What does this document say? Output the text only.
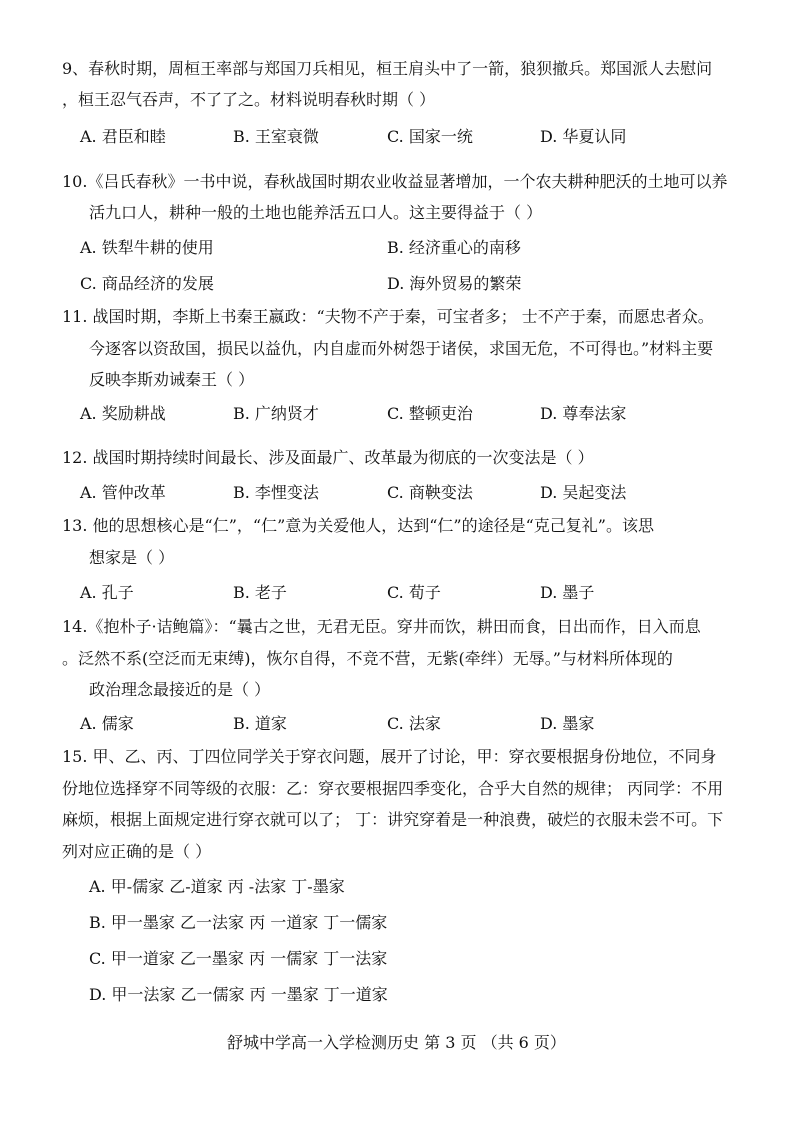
9、春秋时期，周桓王率部与郑国刀兵相见，桓王肩头中了一箭，狼狈撤兵。郑国派人去慰问
，桓王忍气吞声，不了了之。材料说明春秋时期（ ）
A. 君臣和睦	B. 王室衰微	C. 国家一统	D. 华夏认同
10.《吕氏春秋》一书中说，春秋战国时期农业收益显著增加，一个农夫耕种肥沃的土地可以养
活九口人，耕种一般的土地也能养活五口人。这主要得益于（ ）
A. 铁犁牛耕的使用	B. 经济重心的南移
C. 商品经济的发展	D. 海外贸易的繁荣
11. 战国时期，李斯上书秦王嬴政：“夫物不产于秦，可宝者多； 士不产于秦，而愿忠者众。
今逐客以资敌国，损民以益仇，内自虚而外树怨于诸侯，求国无危，不可得也。”材料主要
反映李斯劝诫秦王（ ）
A. 奖励耕战	B. 广纳贤才	C. 整顿吏治	D. 尊奉法家
12. 战国时期持续时间最长、涉及面最广、改革最为彻底的一次变法是（ ）
A. 管仲改革	B. 李悝变法	C. 商鞅变法	D. 吴起变法
13. 他的思想核心是“仁”，“仁”意为关爱他人，达到“仁”的途径是“克己复礼”。该思
想家是（ ）
A. 孔子	B. 老子	C. 荀子	D. 墨子
14.《抱朴子·诘鲍篇》：“曩古之世，无君无臣。穿井而饮，耕田而食，日出而作，日入而息
。泛然不系(空泛而无束缚)，恢尔自得，不竞不营，无紫(牵绊）无辱。”与材料所体现的
政治理念最接近的是（ ）
A. 儒家	B. 道家	C. 法家	D. 墨家
15. 甲、乙、丙、丁四位同学关于穿衣问题，展开了讨论，甲：穿衣要根据身份地位，不同身
份地位选择穿不同等级的衣服：乙：穿衣要根据四季变化，合乎大自然的规律； 丙同学：不用
麻烦，根据上面规定进行穿衣就可以了； 丁：讲究穿着是一种浪费，破烂的衣服未尝不可。下
列对应正确的是（ ）
A. 甲-儒家 乙-道家 丙 -法家 丁-墨家
B. 甲一墨家 乙一法家 丙 一道家 丁一儒家
C. 甲一道家 乙一墨家 丙 一儒家 丁一法家
D. 甲一法家 乙一儒家 丙 一墨家 丁一道家
舒城中学高一入学检测历史 第 3 页 （共 6 页）
